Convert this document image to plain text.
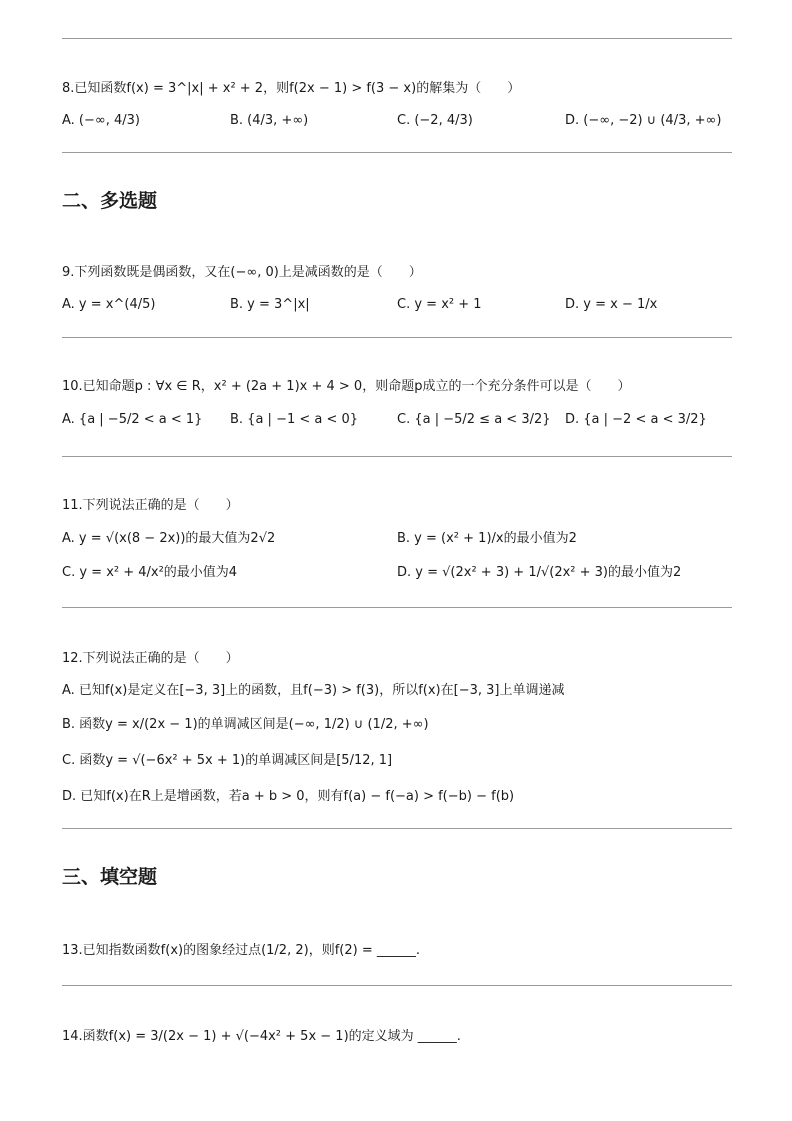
8.已知函数f(x) = 3^|x| + x² + 2，则f(2x − 1) > f(3 − x)的解集为（　　）
A. (−∞, 4/3)	B. (4/3, +∞)	C. (−2, 4/3)	D. (−∞, −2) ∪ (4/3, +∞)
二、多选题
9.下列函数既是偶函数，又在(−∞, 0)上是减函数的是（　　）
A. y = x^(4/5)	B. y = 3^|x|	C. y = x² + 1	D. y = x − 1/x
10.已知命题p : ∀x ∈ R，x² + (2a + 1)x + 4 > 0，则命题p成立的一个充分条件可以是（　　）
A. {a | −5/2 < a < 1} B. {a | −1 < a < 0}	C. {a | −5/2 ≤ a < 3/2} D. {a | −2 < a < 3/2}
11.下列说法正确的是（　　）
A. y = √(x(8 − 2x))的最大值为2√2	B. y = (x² + 1)/x的最小值为2
C. y = x² + 4/x²的最小值为4	D. y = √(2x² + 3) + 1/√(2x² + 3)的最小值为2
12.下列说法正确的是（　　）
A. 已知f(x)是定义在[−3, 3]上的函数，且f(−3) > f(3)，所以f(x)在[−3, 3]上单调递减
B. 函数y = x/(2x − 1)的单调减区间是(−∞, 1/2) ∪ (1/2, +∞)
C. 函数y = √(−6x² + 5x + 1)的单调减区间是[5/12, 1]
D. 已知f(x)在R上是增函数，若a + b > 0，则有f(a) − f(−a) > f(−b) − f(b)
三、填空题
13.已知指数函数f(x)的图象经过点(1/2, 2)，则f(2) = ______.
14.函数f(x) = 3/(2x − 1) + √(−4x² + 5x − 1)的定义域为 ______.
